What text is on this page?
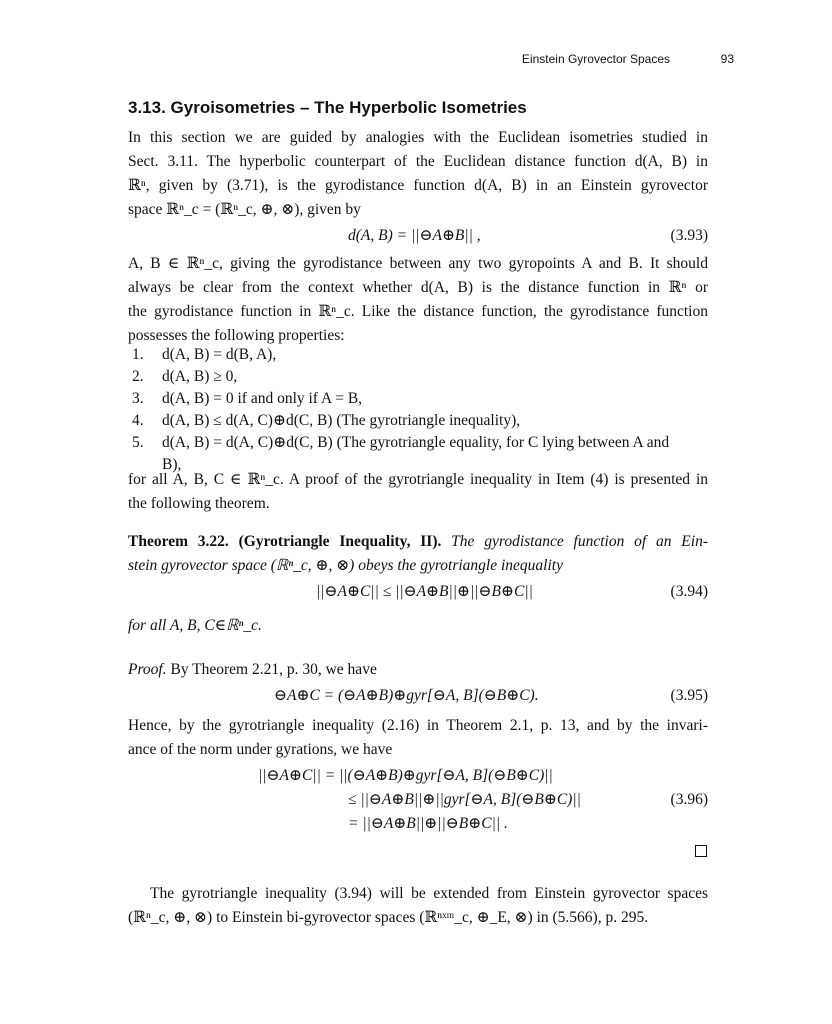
Einstein Gyrovector Spaces	93
3.13. Gyroisometries – The Hyperbolic Isometries

In this section we are guided by analogies with the Euclidean isometries studied in
Sect. 3.11. The hyperbolic counterpart of the Euclidean distance function d(A, B) in
ℝⁿ, given by (3.71), is the gyrodistance function d(A, B) in an Einstein gyrovector
space ℝⁿ_c = (ℝⁿ_c, ⊕, ⊗), given by

d(A, B) = ||⊖A⊕B|| ,	(3.93)

A, B ∈ ℝⁿ_c, giving the gyrodistance between any two gyropoints A and B. It should
always be clear from the context whether d(A, B) is the distance function in ℝⁿ or
the gyrodistance function in ℝⁿ_c. Like the distance function, the gyrodistance function
possesses the following properties:

1. d(A, B) = d(B, A),
2. d(A, B) ≥ 0,
3. d(A, B) = 0 if and only if A = B,
4. d(A, B) ≤ d(A, C)⊕d(C, B) (The gyrotriangle inequality),
5. d(A, B) = d(A, C)⊕d(C, B) (The gyrotriangle equality, for C lying between A and
B),

for all A, B, C ∈ ℝⁿ_c. A proof of the gyrotriangle inequality in Item (4) is presented in
the following theorem.

Theorem 3.22. (Gyrotriangle Inequality, II). The gyrodistance function of an Ein-
stein gyrovector space (ℝⁿ_c, ⊕, ⊗) obeys the gyrotriangle inequality

||⊖A⊕C|| ≤ ||⊖A⊕B||⊕||⊖B⊕C||	(3.94)

for all A, B, C∈ℝⁿ_c.

Proof. By Theorem 2.21, p. 30, we have

⊖A⊕C = (⊖A⊕B)⊕gyr[⊖A, B](⊖B⊕C).	(3.95)

Hence, by the gyrotriangle inequality (2.16) in Theorem 2.1, p. 13, and by the invari-
ance of the norm under gyrations, we have

||⊖A⊕C|| = ||(⊖A⊕B)⊕gyr[⊖A, B](⊖B⊕C)||
≤ ||⊖A⊕B||⊕||gyr[⊖A, B](⊖B⊕C)||	(3.96)
= ||⊖A⊕B||⊕||⊖B⊕C|| .

The gyrotriangle inequality (3.94) will be extended from Einstein gyrovector spaces
(ℝⁿ_c, ⊕, ⊗) to Einstein bi-gyrovector spaces (ℝⁿˣᵐ_c, ⊕_E, ⊗) in (5.566), p. 295.
